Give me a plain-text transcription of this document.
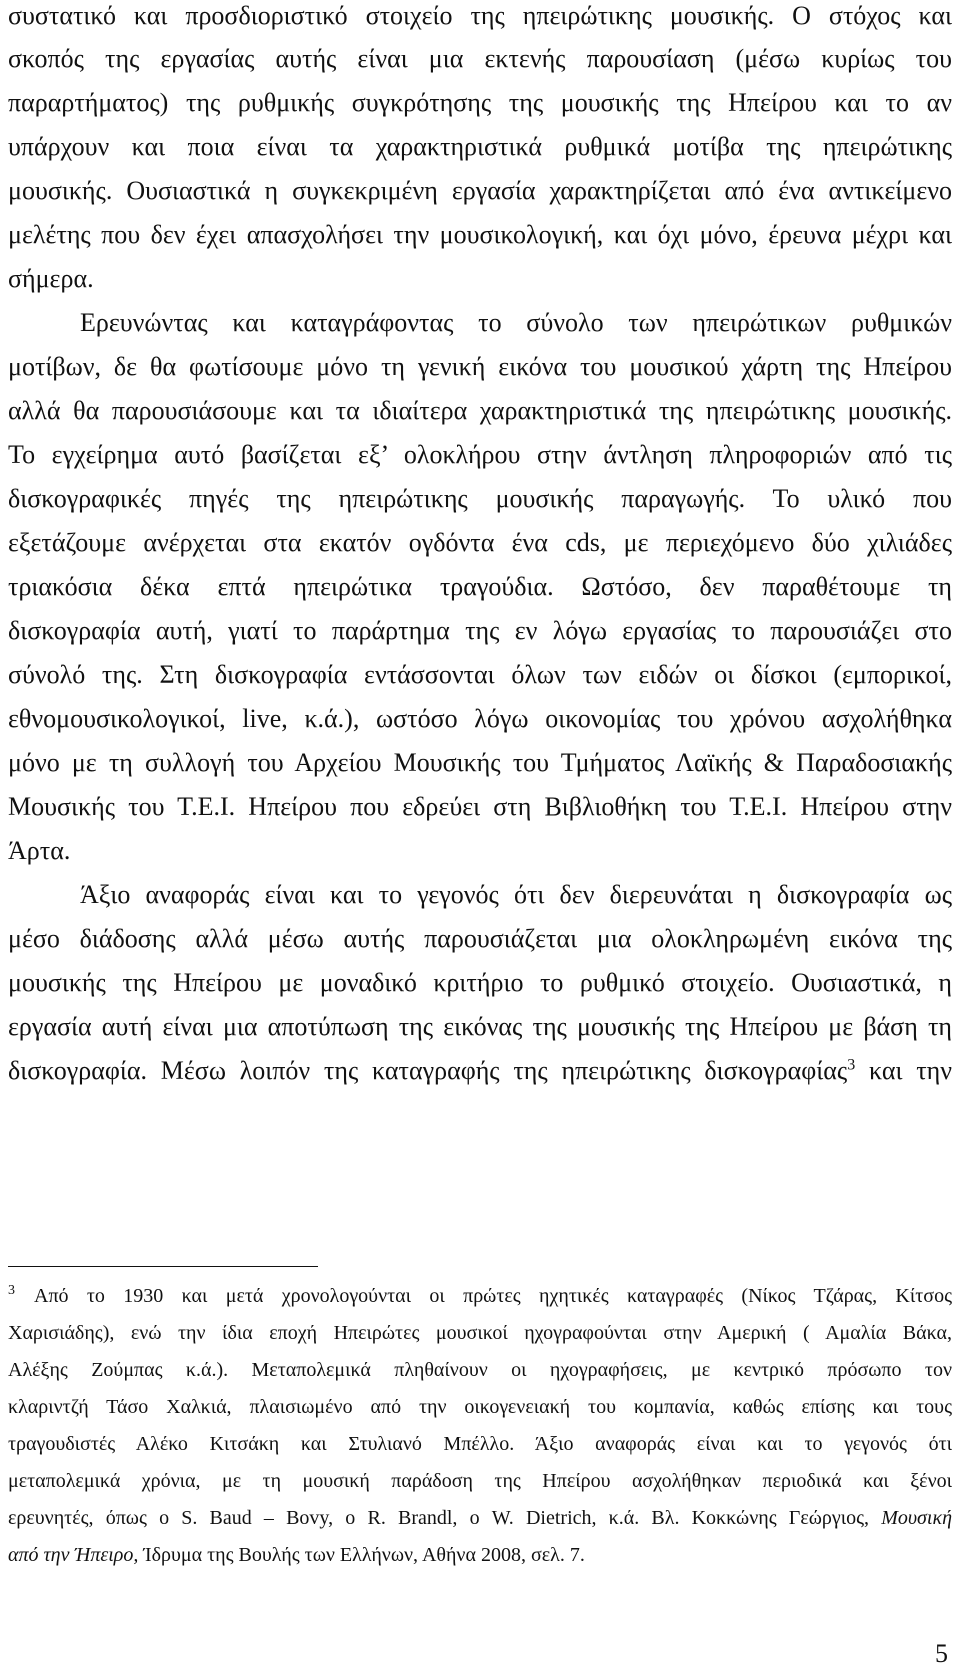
συστατικό και προσδιοριστικό στοιχείο της ηπειρώτικης μουσικής. Ο στόχος και
σκοπός της εργασίας αυτής είναι μια εκτενής παρουσίαση (μέσω κυρίως του
παραρτήματος) της ρυθμικής συγκρότησης της μουσικής της Ηπείρου και το αν
υπάρχουν και ποια είναι τα χαρακτηριστικά ρυθμικά μοτίβα της ηπειρώτικης
μουσικής. Ουσιαστικά η συγκεκριμένη εργασία χαρακτηρίζεται από ένα αντικείμενο
μελέτης που δεν έχει απασχολήσει την μουσικολογική, και όχι μόνο, έρευνα μέχρι και
σήμερα.
Ερευνώντας και καταγράφοντας το σύνολο των ηπειρώτικων ρυθμικών
μοτίβων, δε θα φωτίσουμε μόνο τη γενική εικόνα του μουσικού χάρτη της Ηπείρου
αλλά θα παρουσιάσουμε και τα ιδιαίτερα χαρακτηριστικά της ηπειρώτικης μουσικής.
Το εγχείρημα αυτό βασίζεται εξ’ ολοκλήρου στην άντληση πληροφοριών από τις
δισκογραφικές πηγές της ηπειρώτικης μουσικής παραγωγής. Το υλικό που
εξετάζουμε ανέρχεται στα εκατόν ογδόντα ένα cds, με περιεχόμενο δύο χιλιάδες
τριακόσια δέκα επτά ηπειρώτικα τραγούδια. Ωστόσο, δεν παραθέτουμε τη
δισκογραφία αυτή, γιατί το παράρτημα της εν λόγω εργασίας το παρουσιάζει στο
σύνολό της. Στη δισκογραφία εντάσσονται όλων των ειδών οι δίσκοι (εμπορικοί,
εθνομουσικολογικοί, live, κ.ά.), ωστόσο λόγω οικονομίας του χρόνου ασχολήθηκα
μόνο με τη συλλογή του Αρχείου Μουσικής του Τμήματος Λαϊκής & Παραδοσιακής
Μουσικής του Τ.Ε.Ι. Ηπείρου που εδρεύει στη Βιβλιοθήκη του Τ.Ε.Ι. Ηπείρου στην
Άρτα.
Άξιο αναφοράς είναι και το γεγονός ότι δεν διερευνάται η δισκογραφία ως
μέσο διάδοσης αλλά μέσω αυτής παρουσιάζεται μια ολοκληρωμένη εικόνα της
μουσικής της Ηπείρου με μοναδικό κριτήριο το ρυθμικό στοιχείο. Ουσιαστικά, η
εργασία αυτή είναι μια αποτύπωση της εικόνας της μουσικής της Ηπείρου με βάση τη
δισκογραφία. Μέσω λοιπόν της καταγραφής της ηπειρώτικης δισκογραφίας$^3$ και την
3 Από το 1930 και μετά χρονολογούνται οι πρώτες ηχητικές καταγραφές (Νίκος Τζάρας, Κίτσος
Χαρισιάδης), ενώ την ίδια εποχή Ηπειρώτες μουσικοί ηχογραφούνται στην Αμερική ( Αμαλία Βάκα,
Αλέξης Ζούμπας κ.ά.). Μεταπολεμικά πληθαίνουν οι ηχογραφήσεις, με κεντρικό πρόσωπο τον
κλαριντζή Τάσο Χαλκιά, πλαισιωμένο από την οικογενειακή του κομπανία, καθώς επίσης και τους
τραγουδιστές Αλέκο Κιτσάκη και Στυλιανό Μπέλλο. Άξιο αναφοράς είναι και το γεγονός ότι
μεταπολεμικά χρόνια, με τη μουσική παράδοση της Ηπείρου ασχολήθηκαν περιοδικά και ξένοι
ερευνητές, όπως ο S. Baud – Bovy, ο R. Brandl, ο W. Dietrich, κ.ά. Βλ. Κοκκώνης Γεώργιος, Μουσική
από την Ήπειρο, Ίδρυμα της Βουλής των Ελλήνων, Αθήνα 2008, σελ. 7.
5
